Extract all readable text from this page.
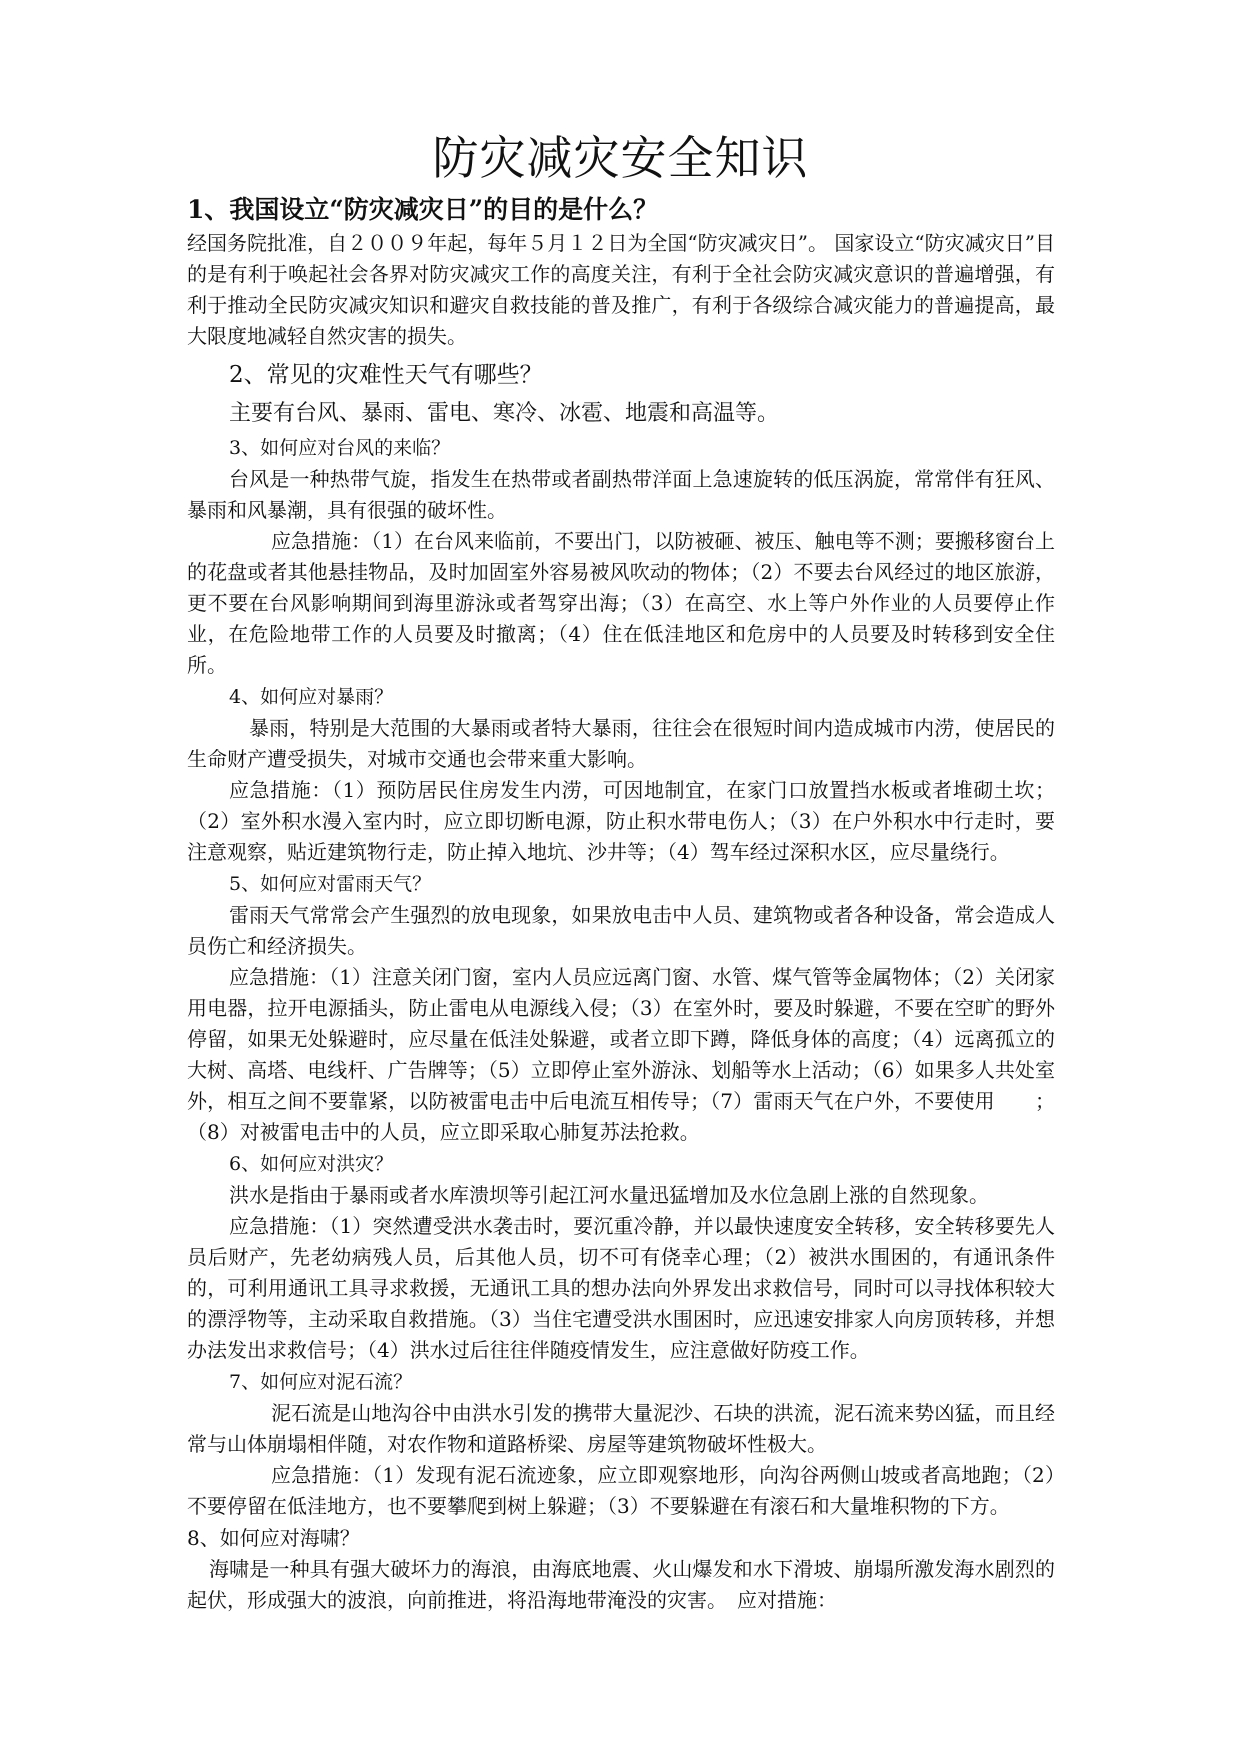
防灾减灾安全知识

1、我国设立“防灾减灾日”的目的是什么？

经国务院批准，自２００９年起，每年５月１２日为全国“防灾减灾日”。 国家设立“防灾减灾日”目的是有利于唤起社会各界对防灾减灾工作的高度关注，有利于全社会防灾减灾意识的普遍增强，有利于推动全民防灾减灾知识和避灾自救技能的普及推广，有利于各级综合减灾能力的普遍提高，最大限度地减轻自然灾害的损失。

2、常见的灾难性天气有哪些？

主要有台风、暴雨、雷电、寒冷、冰雹、地震和高温等。

3、如何应对台风的来临？

台风是一种热带气旋，指发生在热带或者副热带洋面上急速旋转的低压涡旋，常常伴有狂风、暴雨和风暴潮，具有很强的破坏性。

应急措施：（1）在台风来临前，不要出门，以防被砸、被压、触电等不测；要搬移窗台上的花盘或者其他悬挂物品，及时加固室外容易被风吹动的物体；（2）不要去台风经过的地区旅游，更不要在台风影响期间到海里游泳或者驾穿出海；（3）在高空、水上等户外作业的人员要停止作业，在危险地带工作的人员要及时撤离；（4）住在低洼地区和危房中的人员要及时转移到安全住所。

4、如何应对暴雨？

暴雨，特别是大范围的大暴雨或者特大暴雨，往往会在很短时间内造成城市内涝，使居民的生命财产遭受损失，对城市交通也会带来重大影响。

应急措施：（1）预防居民住房发生内涝，可因地制宜，在家门口放置挡水板或者堆砌土坎；（2）室外积水漫入室内时，应立即切断电源，防止积水带电伤人；（3）在户外积水中行走时，要注意观察，贴近建筑物行走，防止掉入地坑、沙井等；（4）驾车经过深积水区，应尽量绕行。

5、如何应对雷雨天气？

雷雨天气常常会产生强烈的放电现象，如果放电击中人员、建筑物或者各种设备，常会造成人员伤亡和经济损失。

应急措施：（1）注意关闭门窗，室内人员应远离门窗、水管、煤气管等金属物体；（2）关闭家用电器，拉开电源插头，防止雷电从电源线入侵；（3）在室外时，要及时躲避，不要在空旷的野外停留，如果无处躲避时，应尽量在低洼处躲避，或者立即下蹲，降低身体的高度；（4）远离孤立的大树、高塔、电线杆、广告牌等；（5）立即停止室外游泳、划船等水上活动；（6）如果多人共处室外，相互之间不要靠紧，以防被雷电击中后电流互相传导；（7）雷雨天气在户外，不要使用　　；（8）对被雷电击中的人员，应立即采取心肺复苏法抢救。

6、如何应对洪灾？

洪水是指由于暴雨或者水库溃坝等引起江河水量迅猛增加及水位急剧上涨的自然现象。

应急措施：（1）突然遭受洪水袭击时，要沉重冷静，并以最快速度安全转移，安全转移要先人员后财产，先老幼病残人员，后其他人员，切不可有侥幸心理；（2）被洪水围困的，有通讯条件的，可利用通讯工具寻求救援，无通讯工具的想办法向外界发出求救信号，同时可以寻找体积较大的漂浮物等，主动采取自救措施。（3）当住宅遭受洪水围困时，应迅速安排家人向房顶转移，并想办法发出求救信号；（4）洪水过后往往伴随疫情发生，应注意做好防疫工作。

7、如何应对泥石流？

泥石流是山地沟谷中由洪水引发的携带大量泥沙、石块的洪流，泥石流来势凶猛，而且经常与山体崩塌相伴随，对农作物和道路桥梁、房屋等建筑物破坏性极大。

应急措施：（1）发现有泥石流迹象，应立即观察地形，向沟谷两侧山坡或者高地跑；（2）不要停留在低洼地方，也不要攀爬到树上躲避；（3）不要躲避在有滚石和大量堆积物的下方。

8、如何应对海啸？

海啸是一种具有强大破坏力的海浪，由海底地震、火山爆发和水下滑坡、崩塌所激发海水剧烈的起伏，形成强大的波浪，向前推进，将沿海地带淹没的灾害。　应对措施：
